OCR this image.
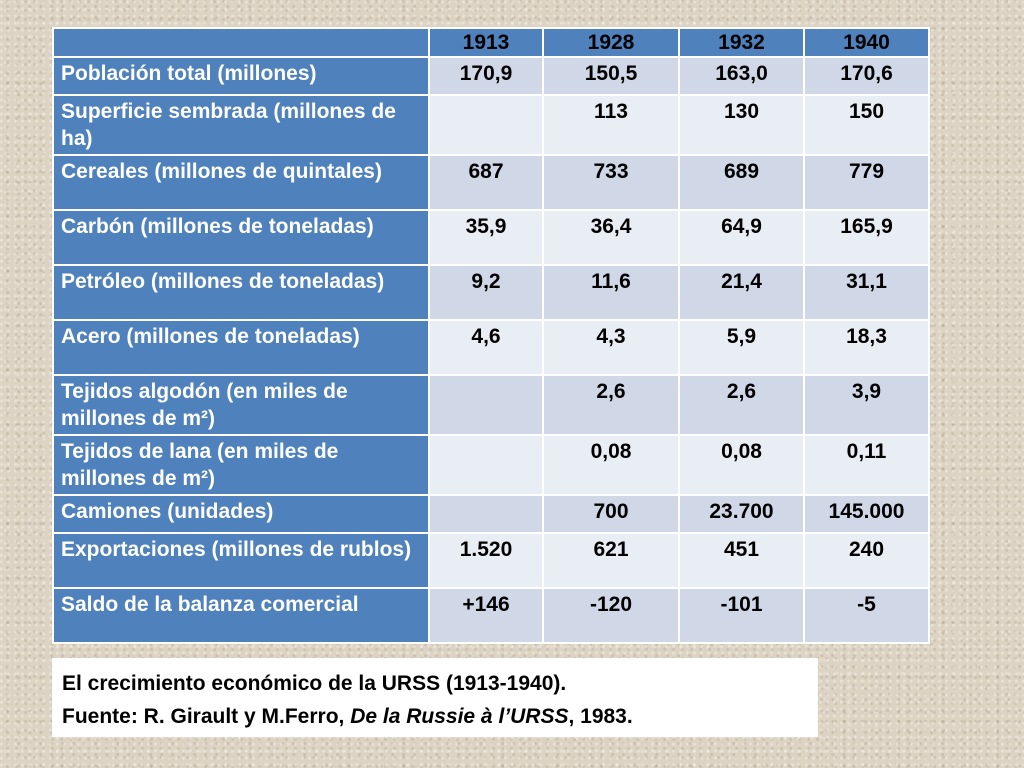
	1913	1928	1932	1940
Población total (millones)	170,9	150,5	163,0	170,6
Superficie sembrada (millones de ha)		113	130	150
Cereales (millones de quintales)	687	733	689	779
Carbón (millones de toneladas)	35,9	36,4	64,9	165,9
Petróleo (millones de toneladas)	9,2	11,6	21,4	31,1
Acero (millones de toneladas)	4,6	4,3	5,9	18,3
Tejidos algodón (en miles de millones de m²)		2,6	2,6	3,9
Tejidos de lana (en miles de millones de m²)		0,08	0,08	0,11
Camiones (unidades)		700	23.700	145.000
Exportaciones (millones de rublos)	1.520	621	451	240
Saldo de la balanza comercial	+146	-120	-101	-5
El crecimiento económico de la URSS (1913-1940).
Fuente: R. Girault y M.Ferro, De la Russie à l’URSS, 1983.
